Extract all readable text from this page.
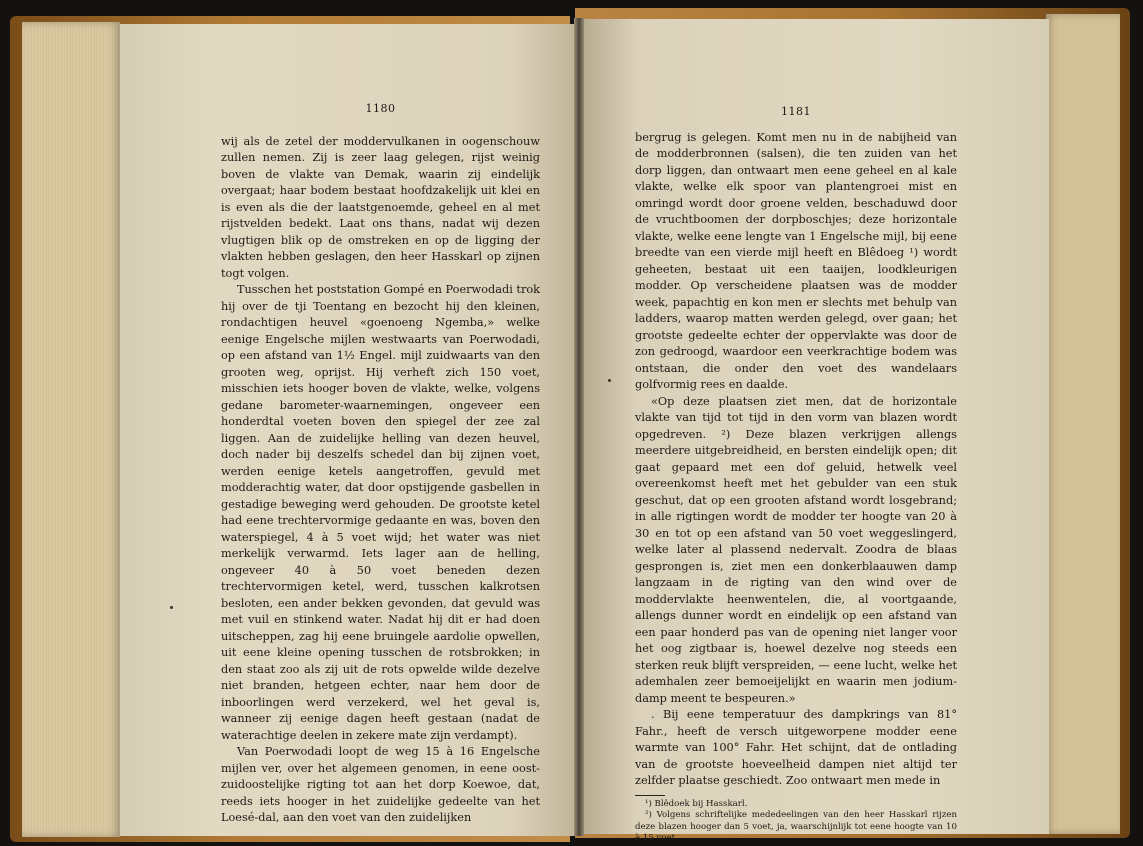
1180

wij als de zetel der moddervulkanen in oogenschouw zullen nemen. Zij is zeer laag gelegen, rijst weinig boven de vlakte van Demak, waarin zij eindelijk overgaat; haar bodem bestaat hoofdzakelijk uit klei en is even als die der laatstgenoemde, geheel en al met rijstvelden bedekt. Laat ons thans, nadat wij dezen vlugtigen blik op de omstreken en op de ligging der vlakten hebben geslagen, den heer Hasskarl op zijnen togt volgen.

Tusschen het poststation Gompé en Poerwodadi trok hij over de tji Toentang en bezocht hij den kleinen, rondachtigen heuvel «goenoeng Ngemba,» welke eenige Engelsche mijlen westwaarts van Poerwodadi, op een afstand van 1½ Engel. mijl zuidwaarts van den grooten weg, oprijst. Hij verheft zich 150 voet, misschien iets hooger boven de vlakte, welke, volgens gedane barometer-waarnemingen, ongeveer een honderdtal voeten boven den spiegel der zee zal liggen. Aan de zuidelijke helling van dezen heuvel, doch nader bij deszelfs schedel dan bij zijnen voet, werden eenige ketels aangetroffen, gevuld met modderachtig water, dat door opstijgende gasbellen in gestadige beweging werd gehouden. De grootste ketel had eene trechtervormige gedaante en was, boven den waterspiegel, 4 à 5 voet wijd; het water was niet merkelijk verwarmd. Iets lager aan de helling, ongeveer 40 à 50 voet beneden dezen trechtervormigen ketel, werd, tusschen kalkrotsen besloten, een ander bekken gevonden, dat gevuld was met vuil en stinkend water. Nadat hij dit er had doen uitscheppen, zag hij eene bruingele aardolie opwellen, uit eene kleine opening tusschen de rotsbrokken; in den staat zoo als zij uit de rots opwelde wilde dezelve niet branden, hetgeen echter, naar hem door de inboorlingen werd verzekerd, wel het geval is, wanneer zij eenige dagen heeft gestaan (nadat de waterachtige deelen in zekere mate zijn verdampt).

Van Poerwodadi loopt de weg 15 à 16 Engelsche mijlen ver, over het algemeen genomen, in eene oost-zuidoostelijke rigting tot aan het dorp Koewoe, dat, reeds iets hooger in het zuidelijke gedeelte van het Loesé-dal, aan den voet van den zuidelijken

1181

bergrug is gelegen. Komt men nu in de nabijheid van de modderbronnen (salsen), die ten zuiden van het dorp liggen, dan ontwaart men eene geheel en al kale vlakte, welke elk spoor van plantengroei mist en omringd wordt door groene velden, beschaduwd door de vruchtboomen der dorpboschjes; deze horizontale vlakte, welke eene lengte van 1 Engelsche mijl, bij eene breedte van een vierde mijl heeft en Blêdoeg ¹) wordt geheeten, bestaat uit een taaijen, loodkleurigen modder. Op verscheidene plaatsen was de modder week, papachtig en kon men er slechts met behulp van ladders, waarop matten werden gelegd, over gaan; het grootste gedeelte echter der oppervlakte was door de zon gedroogd, waardoor een veerkrachtige bodem was ontstaan, die onder den voet des wandelaars golfvormig rees en daalde.

«Op deze plaatsen ziet men, dat de horizontale vlakte van tijd tot tijd in den vorm van blazen wordt opgedreven. ²) Deze blazen verkrijgen allengs meerdere uitgebreidheid, en bersten eindelijk open; dit gaat gepaard met een dof geluid, hetwelk veel overeenkomst heeft met het gebulder van een stuk geschut, dat op een grooten afstand wordt losgebrand; in alle rigtingen wordt de modder ter hoogte van 20 à 30 en tot op een afstand van 50 voet weggeslingerd, welke later al plassend nedervalt. Zoodra de blaas gesprongen is, ziet men een donkerblaauwen damp langzaam in de rigting van den wind over de moddervlakte heenwentelen, die, al voortgaande, allengs dunner wordt en eindelijk op een afstand van een paar honderd pas van de opening niet langer voor het oog zigtbaar is, hoewel dezelve nog steeds een sterken reuk blijft verspreiden, — eene lucht, welke het ademhalen zeer bemoeijelijkt en waarin men jodium-damp meent te bespeuren.»

. Bij eene temperatuur des dampkrings van 81° Fahr., heeft de versch uitgeworpene modder eene warmte van 100° Fahr. Het schijnt, dat de ontlading van de grootste hoeveelheid dampen niet altijd ter zelfder plaatse geschiedt. Zoo ontwaart men mede in

¹) Blêdoek bij Hasskarl.

²) Volgens schriftelijke mededeelingen van den heer Hasskarl rijzen deze blazen hooger dan 5 voet, ja, waarschijnlijk tot eene hoogte van 10 à 15 voet.
